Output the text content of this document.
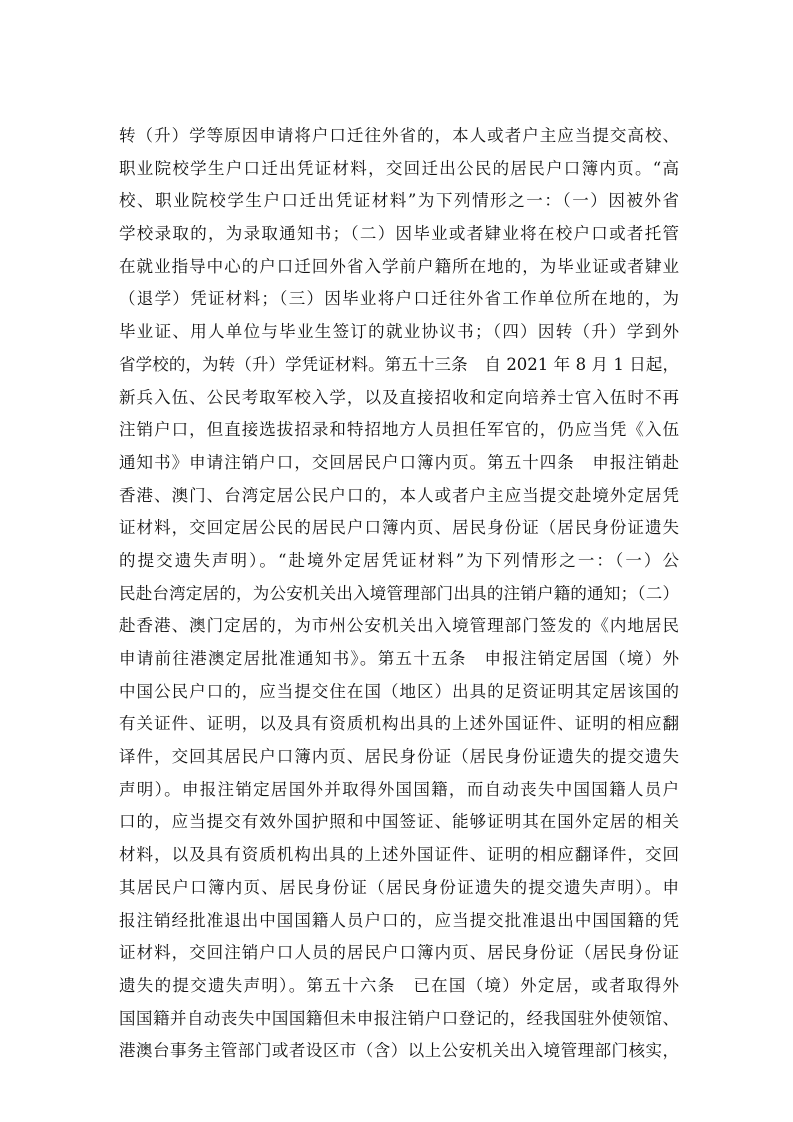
转（升）学等原因申请将户口迁往外省的，本人或者户主应当提交高校、
职业院校学生户口迁出凭证材料，交回迁出公民的居民户口簿内页。“高
校、职业院校学生户口迁出凭证材料”为下列情形之一：（一）因被外省
学校录取的，为录取通知书；（二）因毕业或者肄业将在校户口或者托管
在就业指导中心的户口迁回外省入学前户籍所在地的，为毕业证或者肄业
（退学）凭证材料；（三）因毕业将户口迁往外省工作单位所在地的，为
毕业证、用人单位与毕业生签订的就业协议书；（四）因转（升）学到外
省学校的，为转（升）学凭证材料。第五十三条　自 2021 年 8 月 1 日起，
新兵入伍、公民考取军校入学，以及直接招收和定向培养士官入伍时不再
注销户口，但直接选拔招录和特招地方人员担任军官的，仍应当凭《入伍
通知书》申请注销户口，交回居民户口簿内页。第五十四条　申报注销赴
香港、澳门、台湾定居公民户口的，本人或者户主应当提交赴境外定居凭
证材料，交回定居公民的居民户口簿内页、居民身份证（居民身份证遗失
的提交遗失声明）。“赴境外定居凭证材料”为下列情形之一：（一）公
民赴台湾定居的，为公安机关出入境管理部门出具的注销户籍的通知；（二）
赴香港、澳门定居的，为市州公安机关出入境管理部门签发的《内地居民
申请前往港澳定居批准通知书》。第五十五条　申报注销定居国（境）外
中国公民户口的，应当提交住在国（地区）出具的足资证明其定居该国的
有关证件、证明，以及具有资质机构出具的上述外国证件、证明的相应翻
译件，交回其居民户口簿内页、居民身份证（居民身份证遗失的提交遗失
声明）。申报注销定居国外并取得外国国籍，而自动丧失中国国籍人员户
口的，应当提交有效外国护照和中国签证、能够证明其在国外定居的相关
材料，以及具有资质机构出具的上述外国证件、证明的相应翻译件，交回
其居民户口簿内页、居民身份证（居民身份证遗失的提交遗失声明）。申
报注销经批准退出中国国籍人员户口的，应当提交批准退出中国国籍的凭
证材料，交回注销户口人员的居民户口簿内页、居民身份证（居民身份证
遗失的提交遗失声明）。第五十六条　已在国（境）外定居，或者取得外
国国籍并自动丧失中国国籍但未申报注销户口登记的，经我国驻外使领馆、
港澳台事务主管部门或者设区市（含）以上公安机关出入境管理部门核实，
